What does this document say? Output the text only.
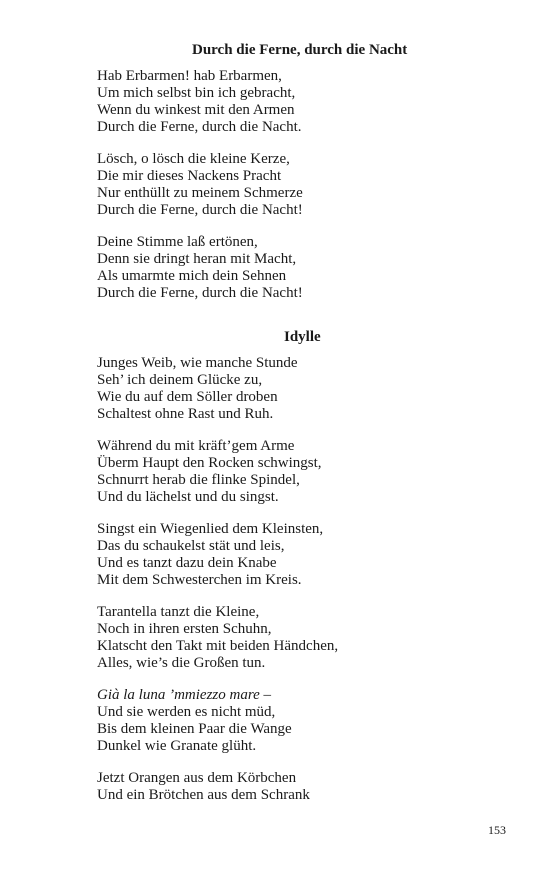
Durch die Ferne, durch die Nacht
Hab Erbarmen! hab Erbarmen,
Um mich selbst bin ich gebracht,
Wenn du winkest mit den Armen
Durch die Ferne, durch die Nacht.
Lösch, o lösch die kleine Kerze,
Die mir dieses Nackens Pracht
Nur enthüllt zu meinem Schmerze
Durch die Ferne, durch die Nacht!
Deine Stimme laß ertönen,
Denn sie dringt heran mit Macht,
Als umarmte mich dein Sehnen
Durch die Ferne, durch die Nacht!
Idylle
Junges Weib, wie manche Stunde
Seh’ ich deinem Glücke zu,
Wie du auf dem Söller droben
Schaltest ohne Rast und Ruh.
Während du mit kräft’gem Arme
Überm Haupt den Rocken schwingst,
Schnurrt herab die flinke Spindel,
Und du lächelst und du singst.
Singst ein Wiegenlied dem Kleinsten,
Das du schaukelst stät und leis,
Und es tanzt dazu dein Knabe
Mit dem Schwesterchen im Kreis.
Tarantella tanzt die Kleine,
Noch in ihren ersten Schuhn,
Klatscht den Takt mit beiden Händchen,
Alles, wie’s die Großen tun.
Già la luna ’mmiezzo mare –
Und sie werden es nicht müd,
Bis dem kleinen Paar die Wange
Dunkel wie Granate glüht.
Jetzt Orangen aus dem Körbchen
Und ein Brötchen aus dem Schrank
153
